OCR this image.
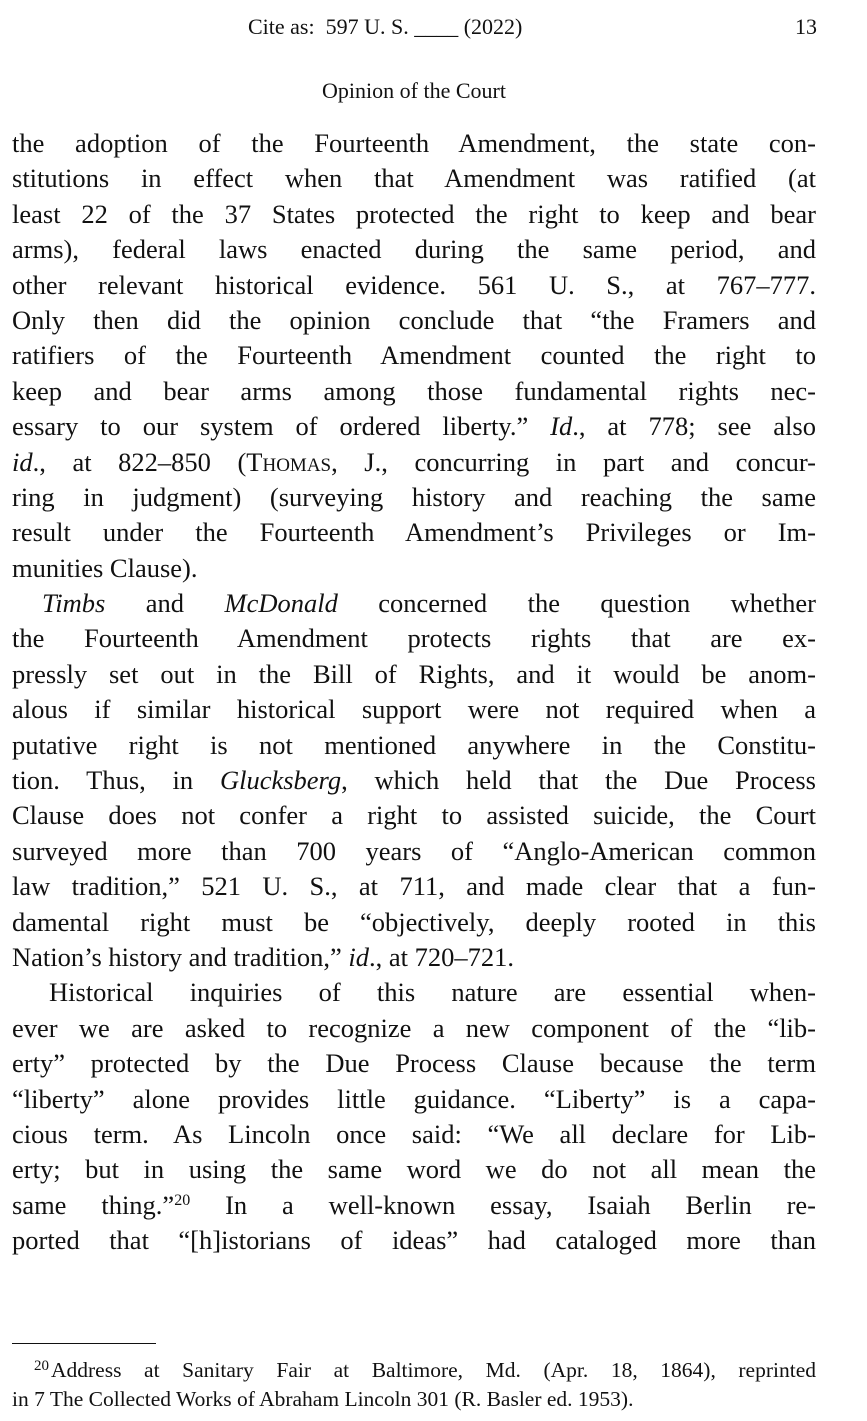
Cite as:  597 U. S. ____ (2022)	13
Opinion of the Court
the adoption of the Fourteenth Amendment, the state con-
stitutions in effect when that Amendment was ratified (at
least 22 of the 37 States protected the right to keep and bear
arms), federal laws enacted during the same period, and
other relevant historical evidence. 561 U. S., at 767–777.
Only then did the opinion conclude that “the Framers and
ratifiers of the Fourteenth Amendment counted the right to
keep and bear arms among those fundamental rights nec-
essary to our system of ordered liberty.” Id., at 778; see also
id., at 822–850 (Thomas, J., concurring in part and concur-
ring in judgment) (surveying history and reaching the same
result under the Fourteenth Amendment’s Privileges or Im-
munities Clause).
Timbs and McDonald concerned the question whether
the Fourteenth Amendment protects rights that are ex-
pressly set out in the Bill of Rights, and it would be anom-
alous if similar historical support were not required when a
putative right is not mentioned anywhere in the Constitu-
tion. Thus, in Glucksberg, which held that the Due Process
Clause does not confer a right to assisted suicide, the Court
surveyed more than 700 years of “Anglo-American common
law tradition,” 521 U. S., at 711, and made clear that a fun-
damental right must be “objectively, deeply rooted in this
Nation’s history and tradition,” id., at 720–721.
Historical inquiries of this nature are essential when-
ever we are asked to recognize a new component of the “lib-
erty” protected by the Due Process Clause because the term
“liberty” alone provides little guidance. “Liberty” is a capa-
cious term. As Lincoln once said: “We all declare for Lib-
erty; but in using the same word we do not all mean the
same thing.”$^{20}$ In a well-known essay, Isaiah Berlin re-
ported that “[h]istorians of ideas” had cataloged more than
$^{20}$Address at Sanitary Fair at Baltimore, Md. (Apr. 18, 1864), reprinted
in 7 The Collected Works of Abraham Lincoln 301 (R. Basler ed. 1953).
